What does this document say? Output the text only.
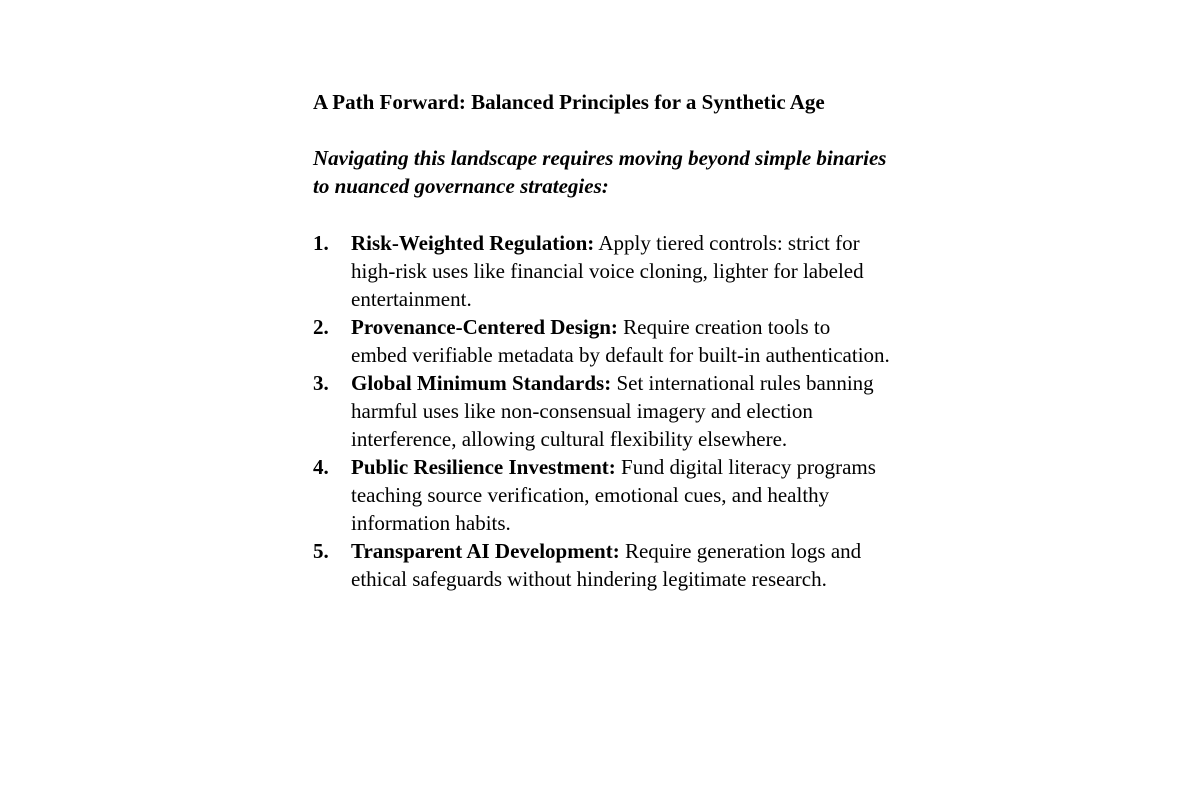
A Path Forward: Balanced Principles for a Synthetic Age

Navigating this landscape requires moving beyond simple binaries to nuanced governance strategies:

1.	Risk-Weighted Regulation: Apply tiered controls: strict for high-risk uses like financial voice cloning, lighter for labeled entertainment.
2.	Provenance-Centered Design: Require creation tools to embed verifiable metadata by default for built-in authentication.
3.	Global Minimum Standards: Set international rules banning harmful uses like non-consensual imagery and election interference, allowing cultural flexibility elsewhere.
4.	Public Resilience Investment: Fund digital literacy programs teaching source verification, emotional cues, and healthy information habits.
5.	Transparent AI Development: Require generation logs and ethical safeguards without hindering legitimate research.
